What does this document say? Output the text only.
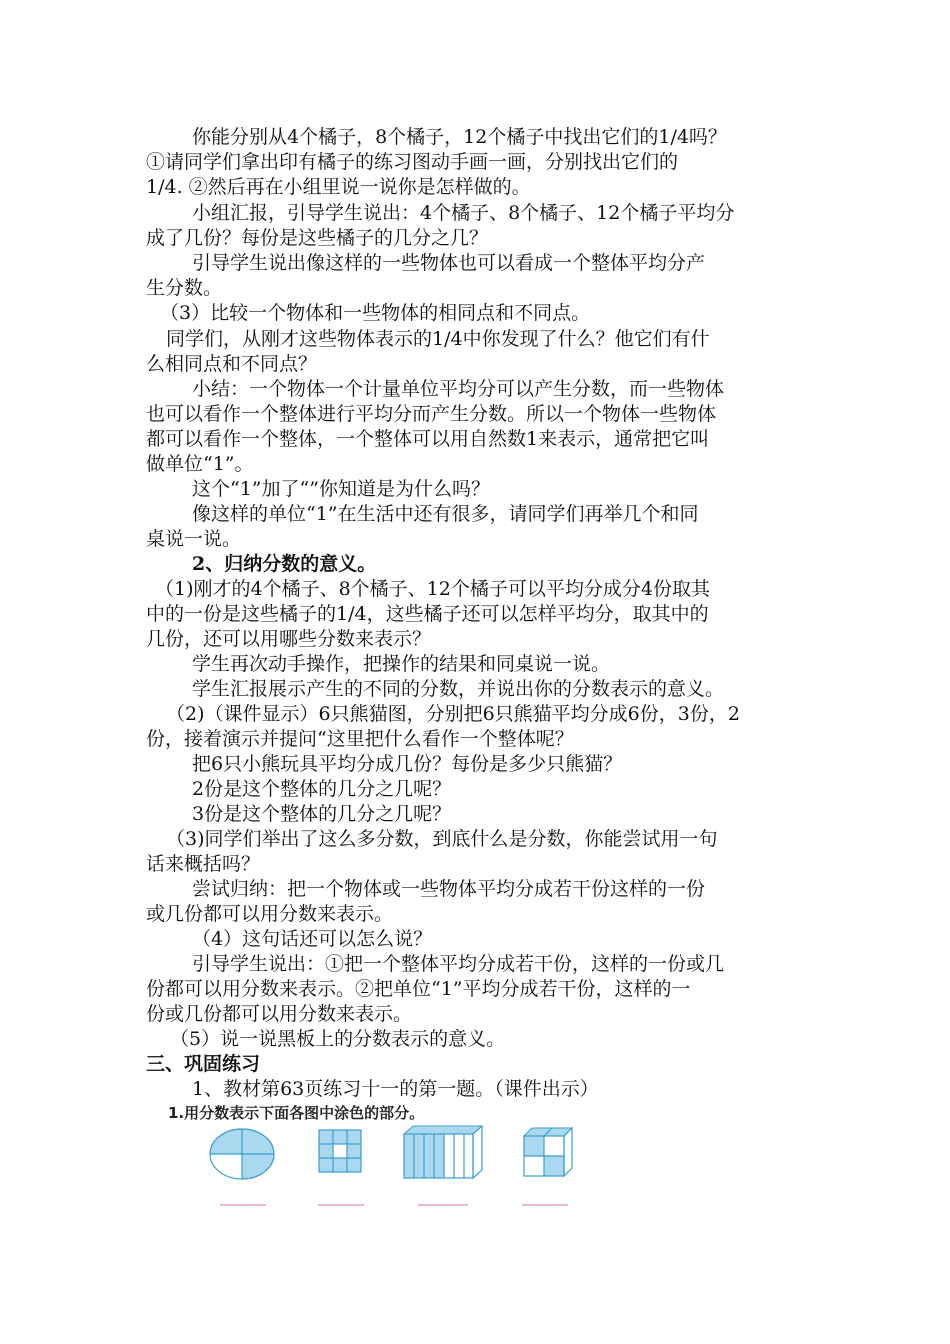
你能分别从4个橘子，8个橘子，12个橘子中找出它们的1/4吗？
①请同学们拿出印有橘子的练习图动手画一画，分别找出它们的
1/4. ②然后再在小组里说一说你是怎样做的。
小组汇报，引导学生说出：4个橘子、8个橘子、12个橘子平均分
成了几份？每份是这些橘子的几分之几？
引导学生说出像这样的一些物体也可以看成一个整体平均分产
生分数。
（3）比较一个物体和一些物体的相同点和不同点。
同学们，从刚才这些物体表示的1/4中你发现了什么？他它们有什
么相同点和不同点？
小结：一个物体一个计量单位平均分可以产生分数，而一些物体
也可以看作一个整体进行平均分而产生分数。所以一个物体一些物体
都可以看作一个整体，一个整体可以用自然数1来表示，通常把它叫
做单位“1”。
这个“1”加了“”你知道是为什么吗？
像这样的单位“1”在生活中还有很多，请同学们再举几个和同
桌说一说。
2、归纳分数的意义。
（1)刚才的4个橘子、8个橘子、12个橘子可以平均分成分4份取其
中的一份是这些橘子的1/4，这些橘子还可以怎样平均分，取其中的
几份，还可以用哪些分数来表示？
学生再次动手操作，把操作的结果和同桌说一说。
学生汇报展示产生的不同的分数，并说出你的分数表示的意义。
（2)（课件显示）6只熊猫图，分别把6只熊猫平均分成6份，3份，2
份，接着演示并提问“这里把什么看作一个整体呢？
把6只小熊玩具平均分成几份？每份是多少只熊猫？
2份是这个整体的几分之几呢？
3份是这个整体的几分之几呢？
（3)同学们举出了这么多分数，到底什么是分数，你能尝试用一句
话来概括吗？
尝试归纳：把一个物体或一些物体平均分成若干份这样的一份
或几份都可以用分数来表示。
（4）这句话还可以怎么说？
引导学生说出：①把一个整体平均分成若干份，这样的一份或几
份都可以用分数来表示。②把单位“1”平均分成若干份，这样的一
份或几份都可以用分数来表示。
（5）说一说黑板上的分数表示的意义。
三、巩固练习
1、教材第63页练习十一的第一题。（课件出示）
1.用分数表示下面各图中涂色的部分。
